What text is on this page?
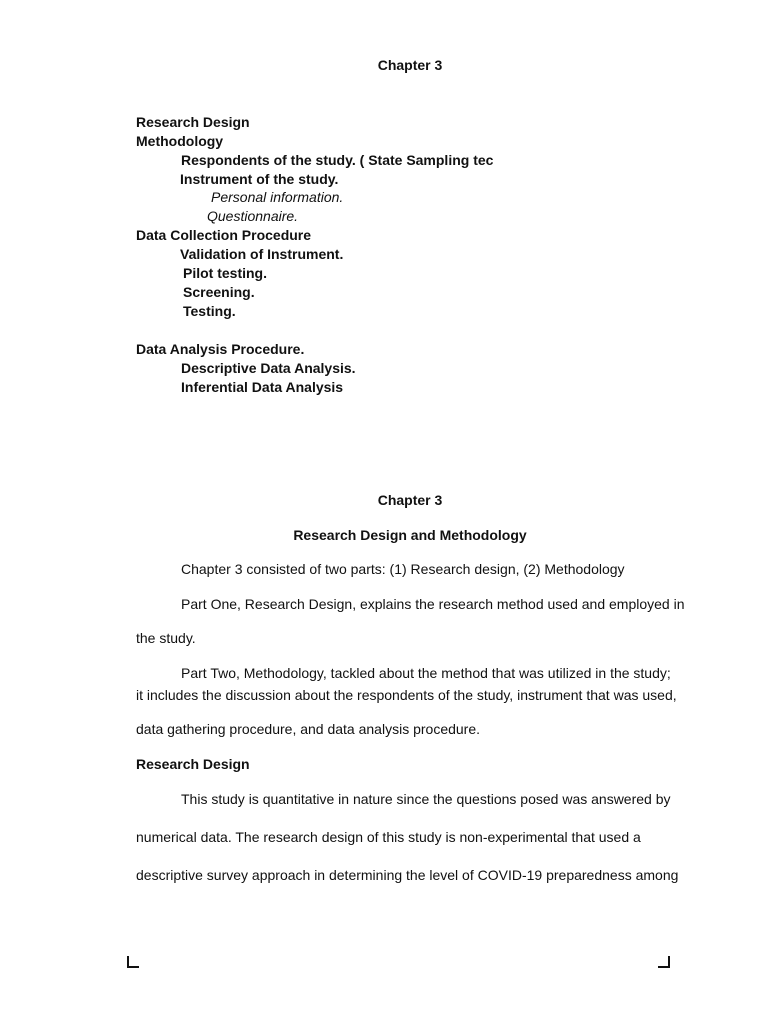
Chapter 3
Research Design
Methodology
Respondents of the study. ( State Sampling tec
Instrument of the study.
Personal information.
Questionnaire.
Data Collection Procedure
Validation of Instrument.
Pilot testing.
Screening.
Testing.
Data Analysis Procedure.
Descriptive Data Analysis.
Inferential Data Analysis
Chapter 3
Research Design and Methodology
Chapter 3 consisted of two parts: (1) Research design, (2) Methodology
Part One, Research Design, explains the research method used and employed in
the study.
Part Two, Methodology, tackled about the method that was utilized in the study;
it includes the discussion about the respondents of the study, instrument that was used,
data gathering procedure, and data analysis procedure.
Research Design
This study is quantitative in nature since the questions posed was answered by
numerical data. The research design of this study is non-experimental that used a
descriptive survey approach in determining the level of COVID-19 preparedness among
